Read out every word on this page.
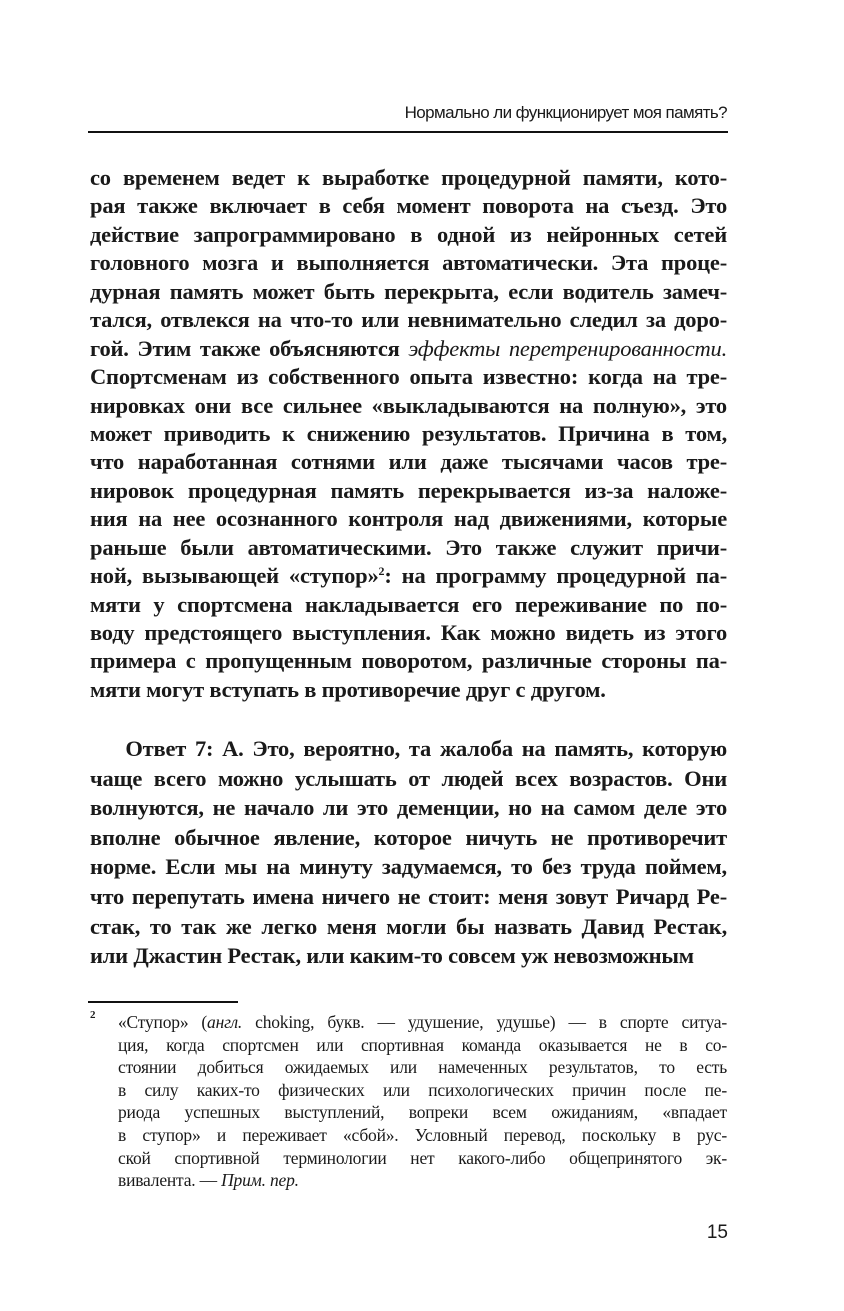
Нормально ли функционирует моя память?
со временем ведет к выработке процедурной памяти, кото-
рая также включает в себя момент поворота на съезд. Это
действие запрограммировано в одной из нейронных сетей
головного мозга и выполняется автоматически. Эта проце-
дурная память может быть перекрыта, если водитель замеч-
тался, отвлекся на что-то или невнимательно следил за доро-
гой. Этим также объясняются эффекты перетренированности.
Спортсменам из собственного опыта известно: когда на тре-
нировках они все сильнее «выкладываются на полную», это
может приводить к снижению результатов. Причина в том,
что наработанная сотнями или даже тысячами часов тре-
нировок процедурная память перекрывается из-за наложе-
ния на нее осознанного контроля над движениями, которые
раньше были автоматическими. Это также служит причи-
ной, вызывающей «ступор»$^2$: на программу процедурной па-
мяти у спортсмена накладывается его переживание по по-
воду предстоящего выступления. Как можно видеть из этого
примера с пропущенным поворотом, различные стороны па-
мяти могут вступать в противоречие друг с другом.
Ответ 7: А. Это, вероятно, та жалоба на память, которую
чаще всего можно услышать от людей всех возрастов. Они
волнуются, не начало ли это деменции, но на самом деле это
вполне обычное явление, которое ничуть не противоречит
норме. Если мы на минуту задумаемся, то без труда поймем,
что перепутать имена ничего не стоит: меня зовут Ричард Ре-
стак, то так же легко меня могли бы назвать Давид Рестак,
или Джастин Рестак, или каким-то совсем уж невозможным
2 «Ступор» (англ. choking, букв. — удушение, удушье) — в спорте ситуа-
ция, когда спортсмен или спортивная команда оказывается не в со-
стоянии добиться ожидаемых или намеченных результатов, то есть
в силу каких-то физических или психологических причин после пе-
риода успешных выступлений, вопреки всем ожиданиям, «впадает
в ступор» и переживает «сбой». Условный перевод, поскольку в рус-
ской спортивной терминологии нет какого-либо общепринятого эк-
вивалента. — Прим. пер.
15
